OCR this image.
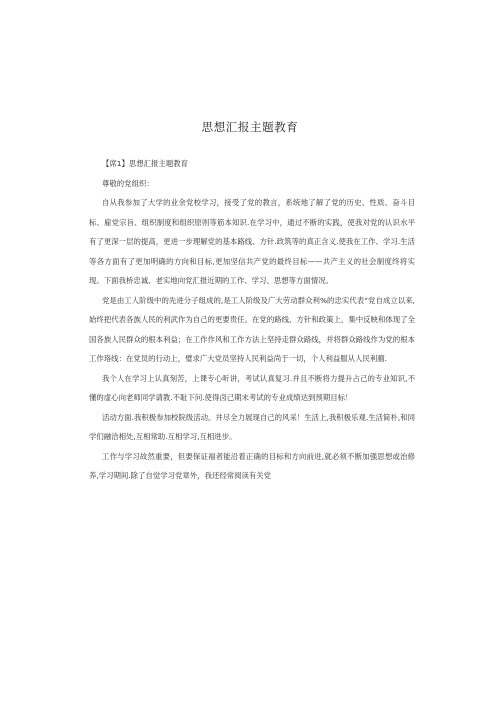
思想汇报主题教育

【席1】思想汇报主题教育

尊敬的党组织：

自从我参加了大学的业余党校学习，接受了党的教言，系统地了解了党的历史、性质、奋斗目标、雇党宗旨、组织制度和组织原则等筋本知识.在学习中，通过不断的实践，使我对党的认识水平有了更深一层的提高，更进一步理解党的基本路线、方针.政筑等的真正含义.使我在工作、学习.生活等各方面有了更加明确的方向和目标,更加坚信共产党的最终目标——共产主义的社会制度终将实现。下面我桥忠诚、老实地向党汇报近期的工作、学习、思想等方面情况。

党是由工人阶级中的先进分子组成的,是工人阶级及广大劳动群众利%的忠实代表”党自成立以来,始终把代表各族人民的利武作为自己的更要贵任。在党的路线、方针和政策上，集中反映和体现了全国各族人民群众的根本利益；在工作作风和工作方法上坚持走群众路线，并将群众路线作为党的根本工作珞线：在党员的行动上，璧求广大党员坚持人民利益尚于一切，个人利益服从人民利骝.

我个人在学习上认真刻苦，上课专心听讲，考试认真复习.并且不断将力提升占己的专业知识,不懂的虚心向老师同学请教.不耻下问.使得卤己期末考试的专业成绩达到预期目标！

活动方面.我积极参加校院级活动。井尽全力展现自己的风采！生活上,我积极乐观.生活简朴,和同学们融洽相处,互相常助.互相学习,互相进步。

工作与学习故然重要，但要保证福者能沿着正确的目标和方向前进,就必须不断加强思想或治修养,学习期间.除了自觉学习党章外，我还经常阅读有关党
